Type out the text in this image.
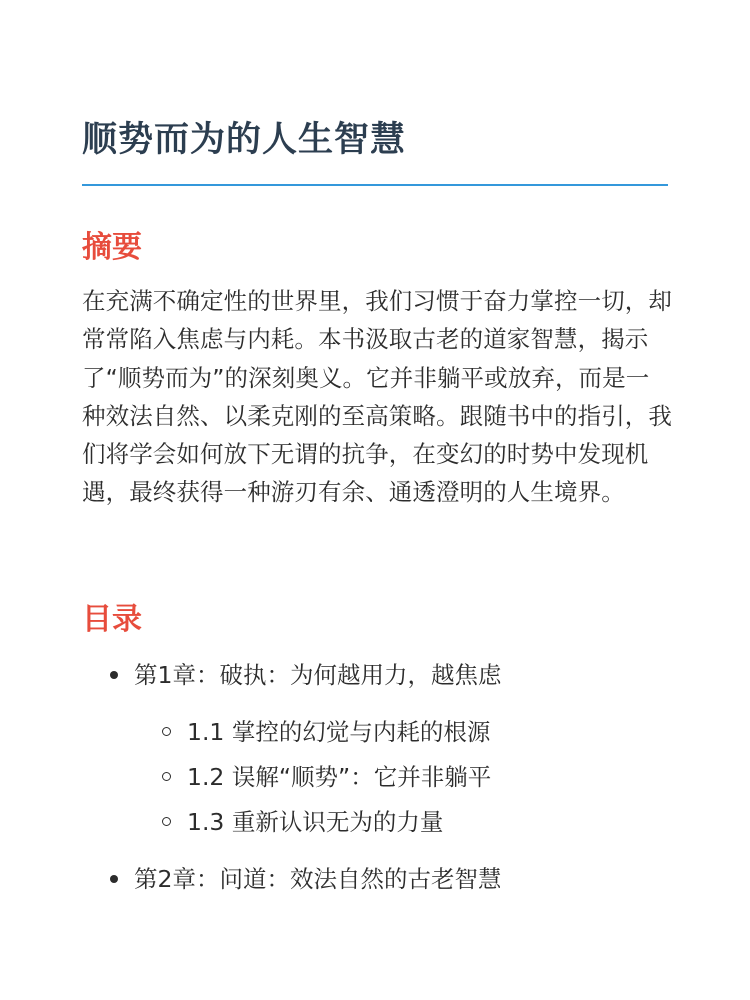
顺势而为的人生智慧
摘要

在充满不确定性的世界里，我们习惯于奋力掌控一切，却常常陷入焦虑与内耗。本书汲取古老的道家智慧，揭示了“顺势而为”的深刻奥义。它并非躺平或放弃，而是一种效法自然、以柔克刚的至高策略。跟随书中的指引，我们将学会如何放下无谓的抗争，在变幻的时势中发现机遇，最终获得一种游刃有余、通透澄明的人生境界。

目录
第1章：破执：为何越用力，越焦虑
1.1 掌控的幻觉与内耗的根源
1.2 误解“顺势”：它并非躺平
1.3 重新认识无为的力量
第2章：问道：效法自然的古老智慧
